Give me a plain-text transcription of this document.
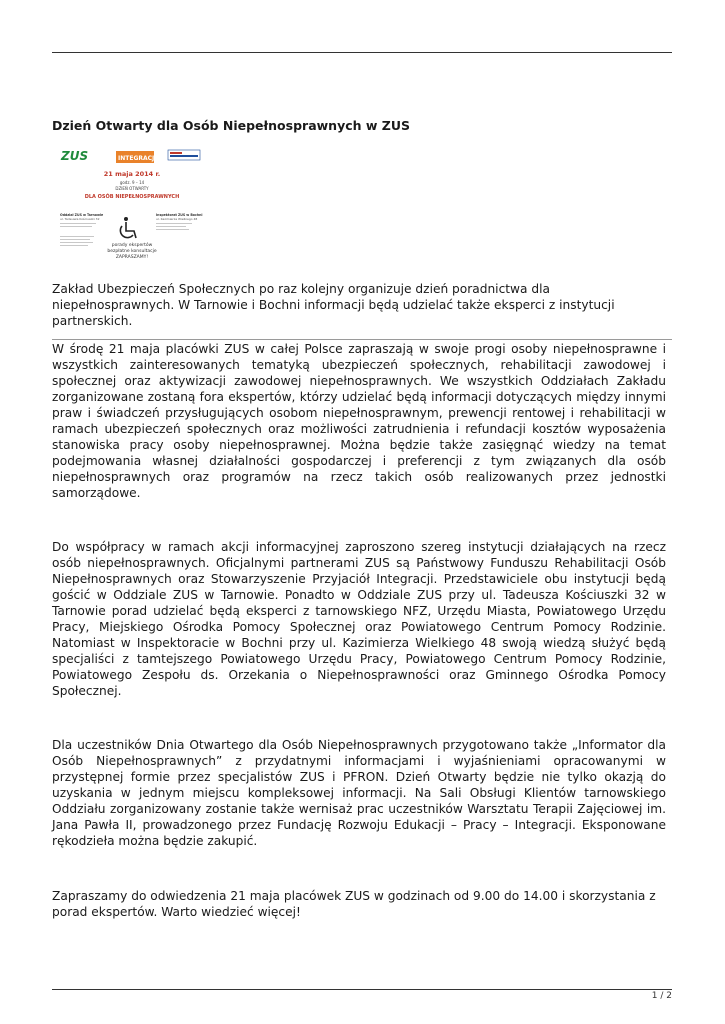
Dzień Otwarty dla Osób Niepełnosprawnych w ZUS
ZUS	INTEGRACJA
21 maja 2014 r.
godz. 9 – 14
DZIEŃ OTWARTY
DLA OSÓB NIEPEŁNOSPRAWNYCH
Oddział ZUS w Tarnowie
ul. Tadeusza Kościuszki 32
Inspektorat ZUS w Bochni
ul. Kazimierza Wielkiego 48
porady ekspertów
bezpłatne konsultacje
ZAPRASZAMY!

Zakład Ubezpieczeń Społecznych po raz kolejny organizuje dzień poradnictwa dla niepełnosprawnych. W Tarnowie i Bochni informacji będą udzielać także eksperci z instytucji partnerskich.

W środę 21 maja placówki ZUS w całej Polsce zapraszają w swoje progi osoby niepełnosprawne i wszystkich zainteresowanych tematyką ubezpieczeń społecznych, rehabilitacji zawodowej i społecznej oraz aktywizacji zawodowej niepełnosprawnych. We wszystkich Oddziałach Zakładu zorganizowane zostaną fora ekspertów, którzy udzielać będą informacji dotyczących między innymi praw i świadczeń przysługujących osobom niepełnosprawnym, prewencji rentowej i rehabilitacji w ramach ubezpieczeń społecznych oraz możliwości zatrudnienia i refundacji kosztów wyposażenia stanowiska pracy osoby niepełnosprawnej. Można będzie także zasięgnąć wiedzy na temat podejmowania własnej działalności gospodarczej i preferencji z tym związanych dla osób niepełnosprawnych oraz programów na rzecz takich osób realizowanych przez jednostki samorządowe.

Do współpracy w ramach akcji informacyjnej zaproszono szereg instytucji działających na rzecz osób niepełnosprawnych. Oficjalnymi partnerami ZUS są Państwowy Funduszu Rehabilitacji Osób Niepełnosprawnych oraz Stowarzyszenie Przyjaciół Integracji. Przedstawiciele obu instytucji będą gościć w Oddziale ZUS w Tarnowie. Ponadto w Oddziale ZUS przy ul. Tadeusza Kościuszki 32 w Tarnowie porad udzielać będą eksperci z tarnowskiego NFZ, Urzędu Miasta, Powiatowego Urzędu Pracy, Miejskiego Ośrodka Pomocy Społecznej oraz Powiatowego Centrum Pomocy Rodzinie. Natomiast w Inspektoracie w Bochni przy ul. Kazimierza Wielkiego 48 swoją wiedzą służyć będą specjaliści z tamtejszego Powiatowego Urzędu Pracy, Powiatowego Centrum Pomocy Rodzinie, Powiatowego Zespołu ds. Orzekania o Niepełnosprawności oraz Gminnego Ośrodka Pomocy Społecznej.

Dla uczestników Dnia Otwartego dla Osób Niepełnosprawnych przygotowano także „Informator dla Osób Niepełnosprawnych” z przydatnymi informacjami i wyjaśnieniami opracowanymi w przystępnej formie przez specjalistów ZUS i PFRON. Dzień Otwarty będzie nie tylko okazją do uzyskania w jednym miejscu kompleksowej informacji. Na Sali Obsługi Klientów tarnowskiego Oddziału zorganizowany zostanie także wernisaż prac uczestników Warsztatu Terapii Zajęciowej im. Jana Pawła II, prowadzonego przez Fundację Rozwoju Edukacji – Pracy – Integracji. Eksponowane rękodzieła można będzie zakupić.

Zapraszamy do odwiedzenia 21 maja placówek ZUS w godzinach od 9.00 do 14.00 i skorzystania z porad ekspertów. Warto wiedzieć więcej!

1 / 2
